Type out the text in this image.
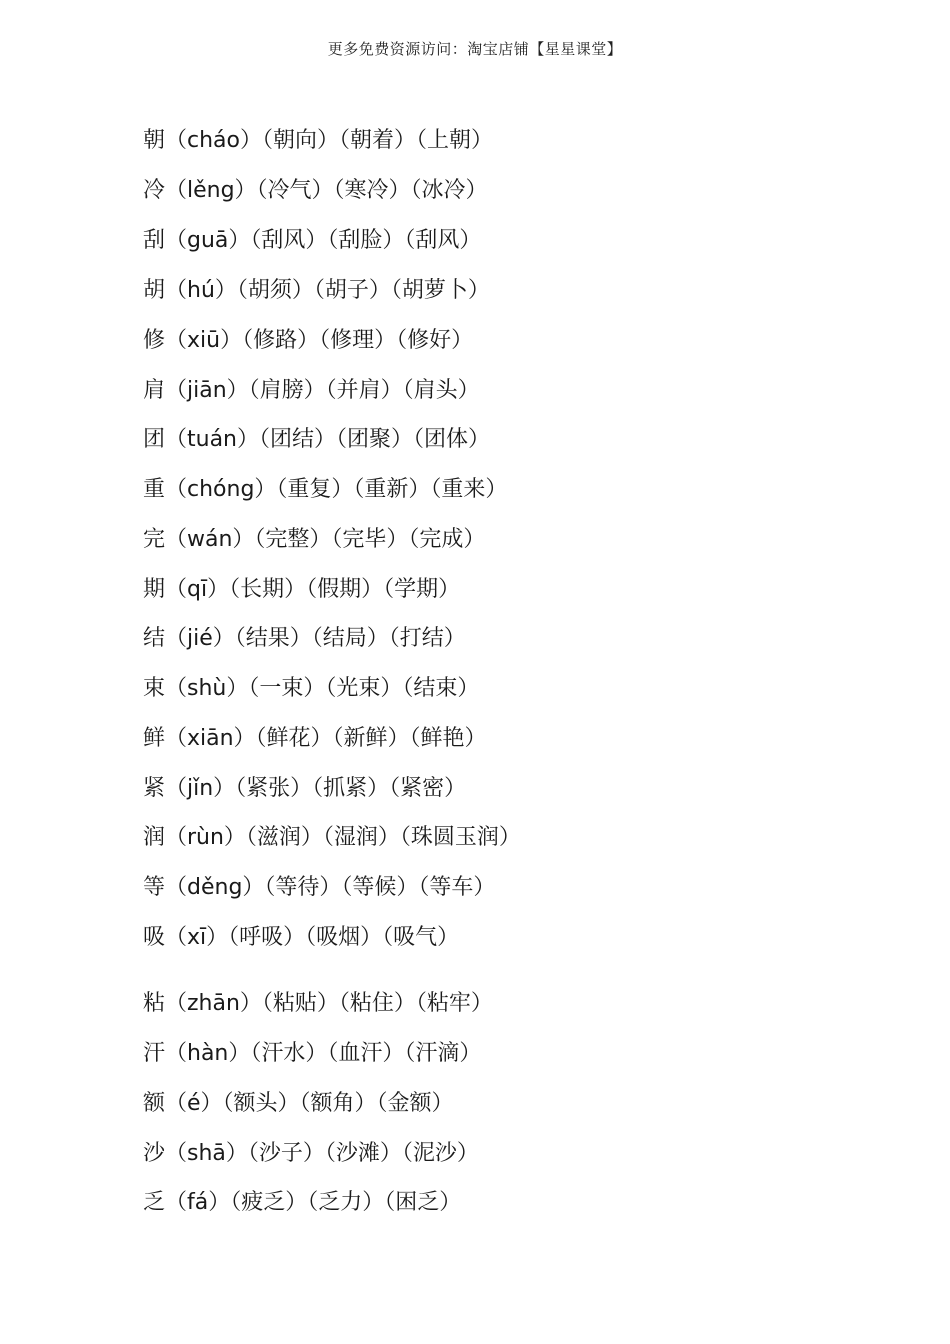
更多免费资源访问：淘宝店铺【星星课堂】
朝（cháo）（朝向）（朝着）（上朝）
冷（lěng）（冷气）（寒冷）（冰冷）
刮（guā）（刮风）（刮脸）（刮风）
胡（hú）（胡须）（胡子）（胡萝卜）
修（xiū）（修路）（修理）（修好）
肩（jiān）（肩膀）（并肩）（肩头）
团（tuán）（团结）（团聚）（团体）
重（chóng）（重复）（重新）（重来）
完（wán）（完整）（完毕）（完成）
期（qī）（长期）（假期）（学期）
结（jié）（结果）（结局）（打结）
束（shù）（一束）（光束）（结束）
鲜（xiān）（鲜花）（新鲜）（鲜艳）
紧（jǐn）（紧张）（抓紧）（紧密）
润（rùn）（滋润）（湿润）（珠圆玉润）
等（děng）（等待）（等候）（等车）
吸（xī）（呼吸）（吸烟）（吸气）
粘（zhān）（粘贴）（粘住）（粘牢）
汗（hàn）（汗水）（血汗）（汗滴）
额（é）（额头）（额角）（金额）
沙（shā）（沙子）（沙滩）（泥沙）
乏（fá）（疲乏）（乏力）（困乏）
